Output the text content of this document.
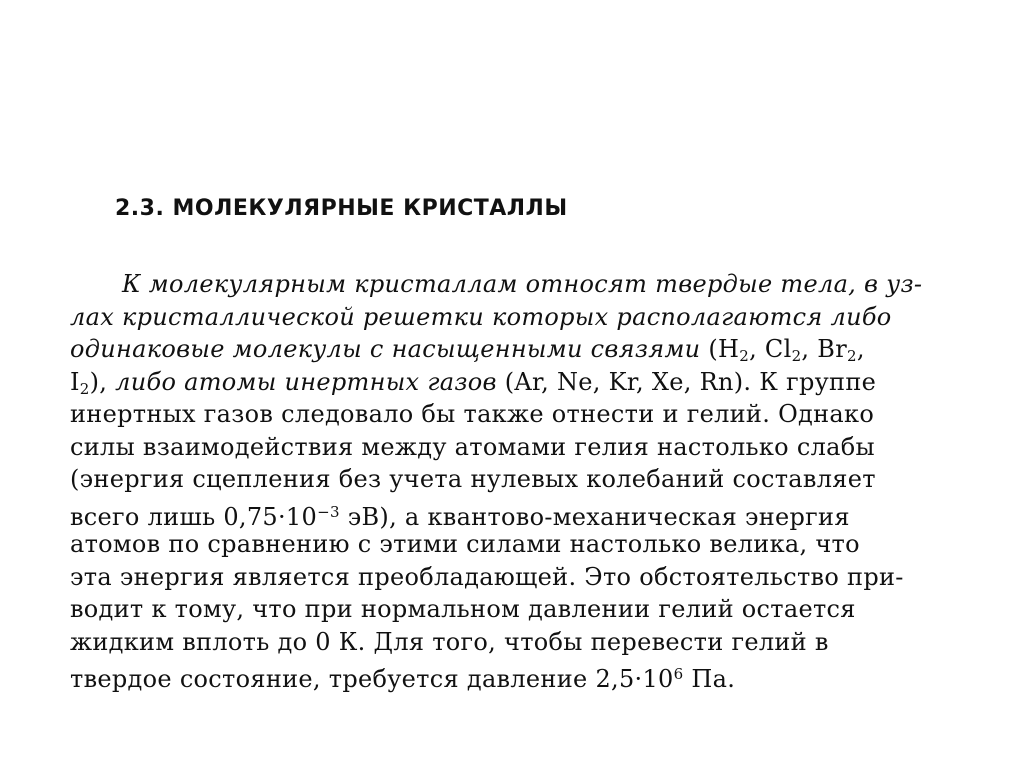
2.3. МОЛЕКУЛЯРНЫЕ КРИСТАЛЛЫ
К молекулярным кристаллам относят твердые тела, в уз-
лах кристаллической решетки которых располагаются либо
одинаковые молекулы с насыщенными связями ($H_2$, $Cl_2$, $Br_2$,
$I_2$), либо атомы инертных газов (Ar, Ne, Kr, Xe, Rn). К группе
инертных газов следовало бы также отнести и гелий. Однако
силы взаимодействия между атомами гелия настолько слабы
(энергия сцепления без учета нулевых колебаний составляет
всего лишь $0,75\cdot 10^{-3}$ эВ), а квантово-механическая энергия
атомов по сравнению с этими силами настолько велика, что
эта энергия является преобладающей. Это обстоятельство при-
водит к тому, что при нормальном давлении гелий остается
жидким вплоть до 0 К. Для того, чтобы перевести гелий в
твердое состояние, требуется давление $2,5\cdot 10^6$ Па.
